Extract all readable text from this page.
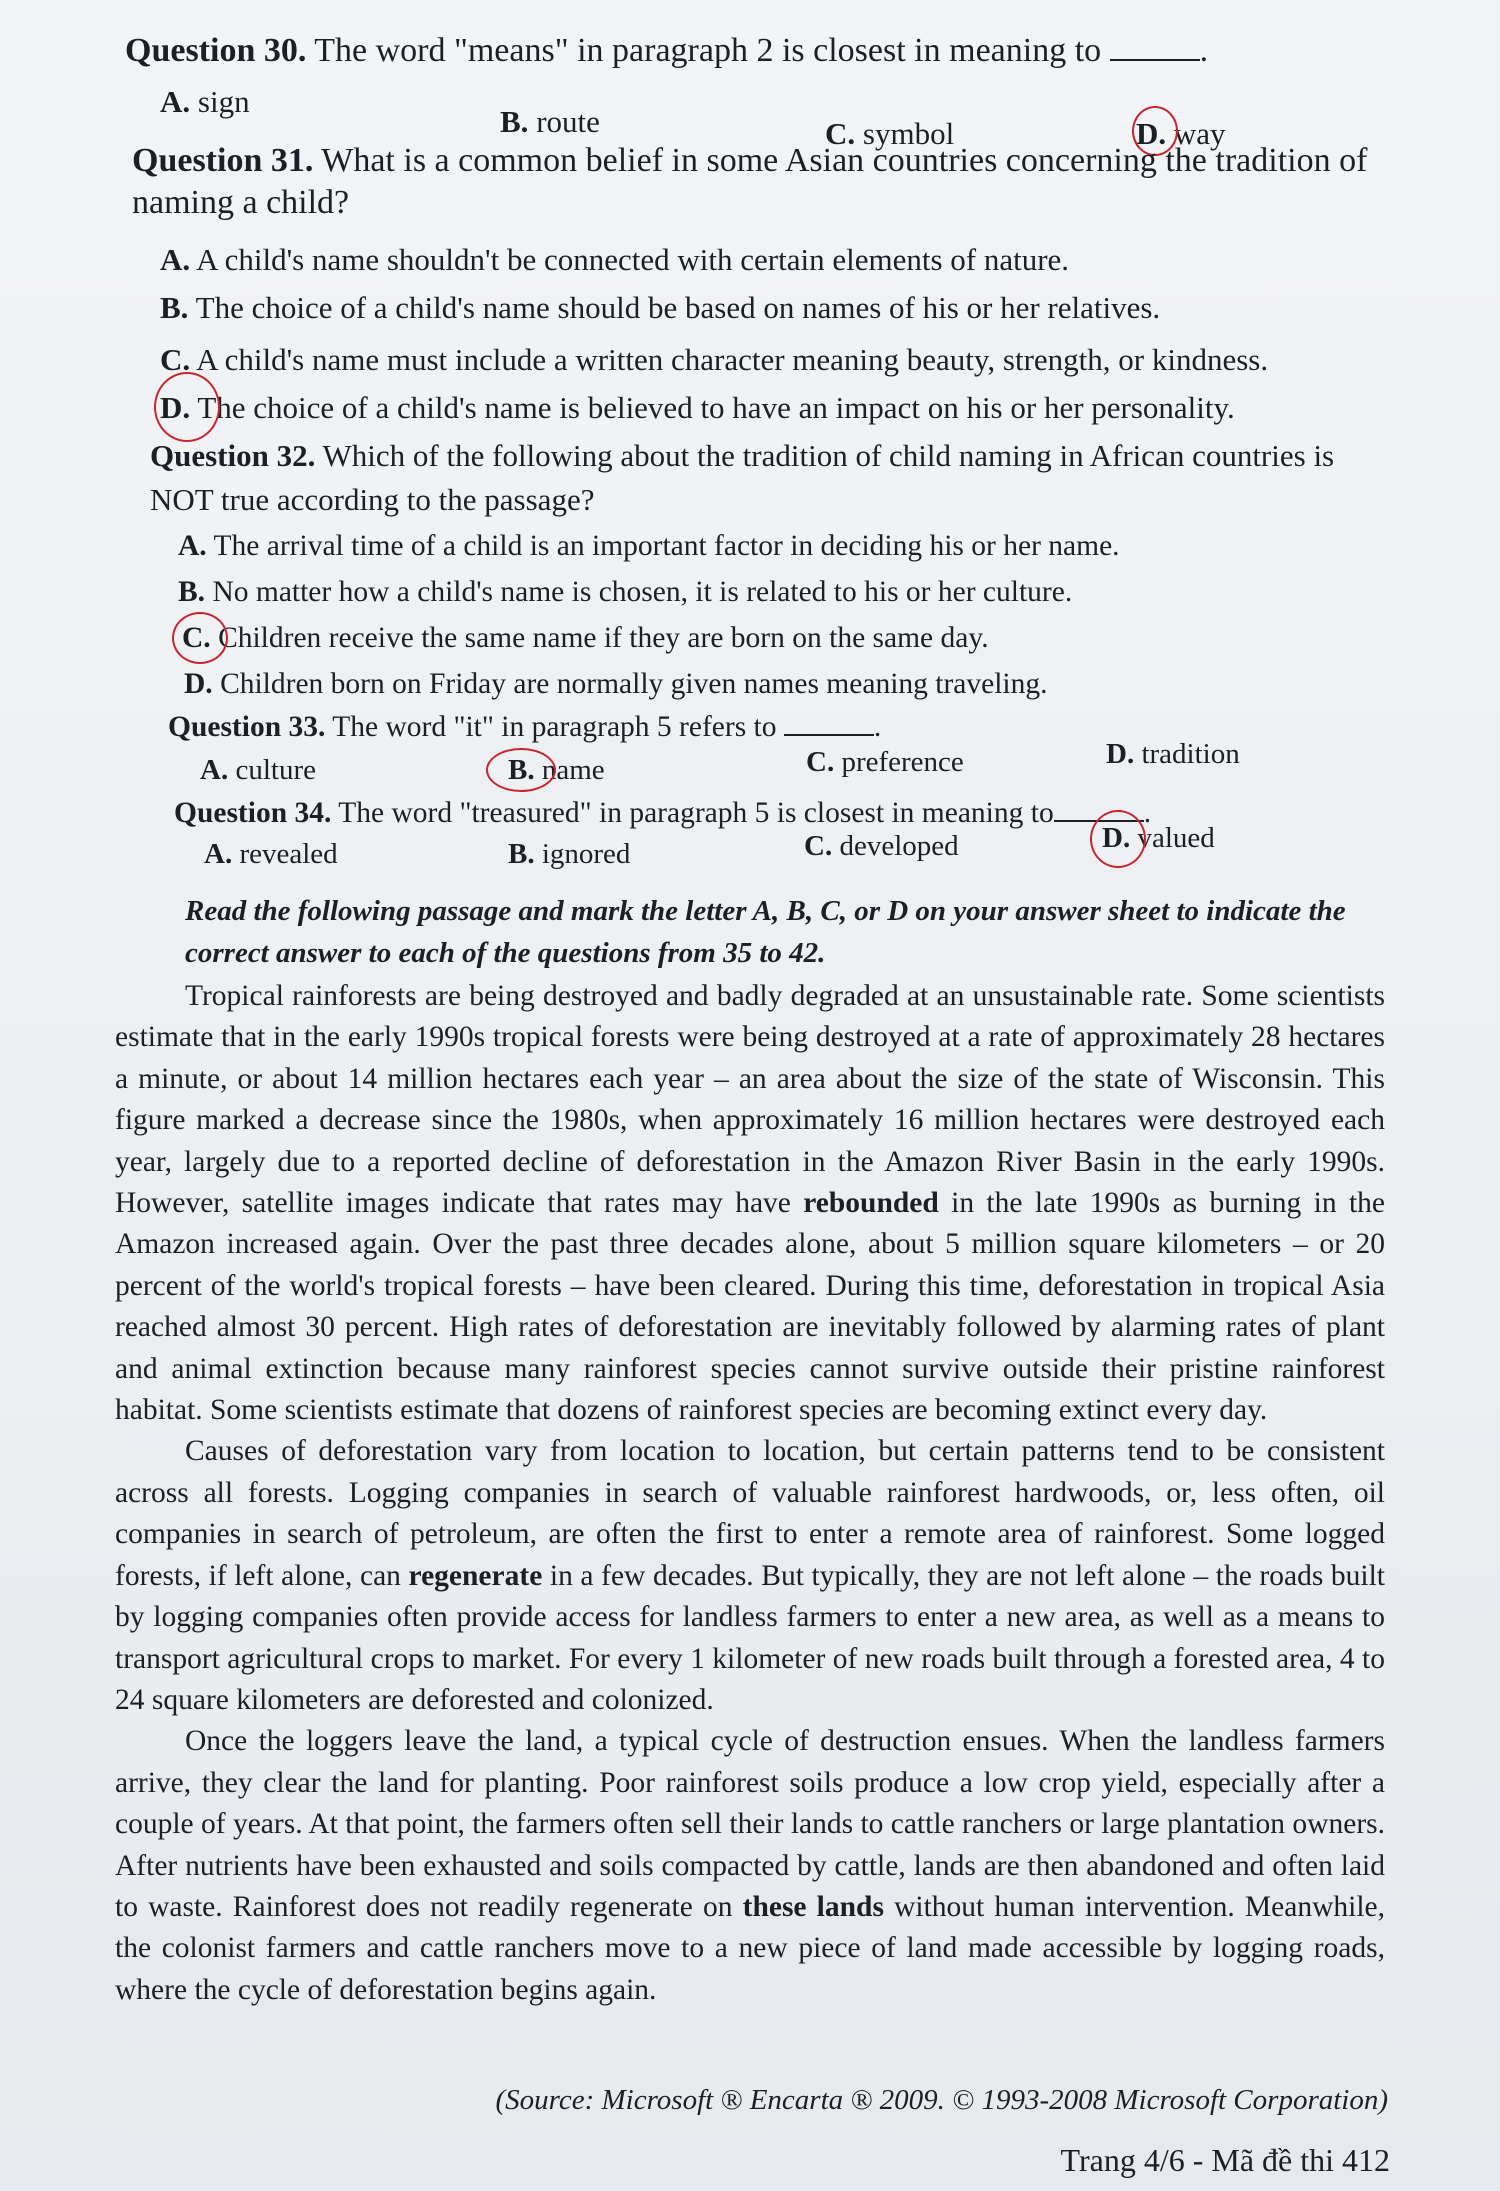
Question 30. The word "means" in paragraph 2 is closest in meaning to	.
A. sign
B. route	C. symbol	D. way
Question 31. What is a common belief in some Asian countries concerning the tradition of naming a child?
A. A child's name shouldn't be connected with certain elements of nature.
B. The choice of a child's name should be based on names of his or her relatives.
C. A child's name must include a written character meaning beauty, strength, or kindness.
D. The choice of a child's name is believed to have an impact on his or her personality.
Question 32. Which of the following about the tradition of child naming in African countries is NOT true according to the passage?
A. The arrival time of a child is an important factor in deciding his or her name.
B. No matter how a child's name is chosen, it is related to his or her culture.
C. Children receive the same name if they are born on the same day.
D. Children born on Friday are normally given names meaning traveling.
Question 33. The word "it" in paragraph 5 refers to	.
A. culture	B. name	C. preference	D. tradition
Question 34. The word "treasured" in paragraph 5 is closest in meaning to	.
A. revealed	B. ignored	C. developed	D. valued
Read the following passage and mark the letter A, B, C, or D on your answer sheet to indicate the correct answer to each of the questions from 35 to 42.

Tropical rainforests are being destroyed and badly degraded at an unsustainable rate. Some scientists estimate that in the early 1990s tropical forests were being destroyed at a rate of approximately 28 hectares a minute, or about 14 million hectares each year – an area about the size of the state of Wisconsin. This figure marked a decrease since the 1980s, when approximately 16 million hectares were destroyed each year, largely due to a reported decline of deforestation in the Amazon River Basin in the early 1990s. However, satellite images indicate that rates may have rebounded in the late 1990s as burning in the Amazon increased again. Over the past three decades alone, about 5 million square kilometers – or 20 percent of the world's tropical forests – have been cleared. During this time, deforestation in tropical Asia reached almost 30 percent. High rates of deforestation are inevitably followed by alarming rates of plant and animal extinction because many rainforest species cannot survive outside their pristine rainforest habitat. Some scientists estimate that dozens of rainforest species are becoming extinct every day.

Causes of deforestation vary from location to location, but certain patterns tend to be consistent across all forests. Logging companies in search of valuable rainforest hardwoods, or, less often, oil companies in search of petroleum, are often the first to enter a remote area of rainforest. Some logged forests, if left alone, can regenerate in a few decades. But typically, they are not left alone – the roads built by logging companies often provide access for landless farmers to enter a new area, as well as a means to transport agricultural crops to market. For every 1 kilometer of new roads built through a forested area, 4 to 24 square kilometers are deforested and colonized.

Once the loggers leave the land, a typical cycle of destruction ensues. When the landless farmers arrive, they clear the land for planting. Poor rainforest soils produce a low crop yield, especially after a couple of years. At that point, the farmers often sell their lands to cattle ranchers or large plantation owners. After nutrients have been exhausted and soils compacted by cattle, lands are then abandoned and often laid to waste. Rainforest does not readily regenerate on these lands without human intervention. Meanwhile, the colonist farmers and cattle ranchers move to a new piece of land made accessible by logging roads, where the cycle of deforestation begins again.

(Source: Microsoft ® Encarta ® 2009. © 1993-2008 Microsoft Corporation)
Trang 4/6 - Mã đề thi 412
